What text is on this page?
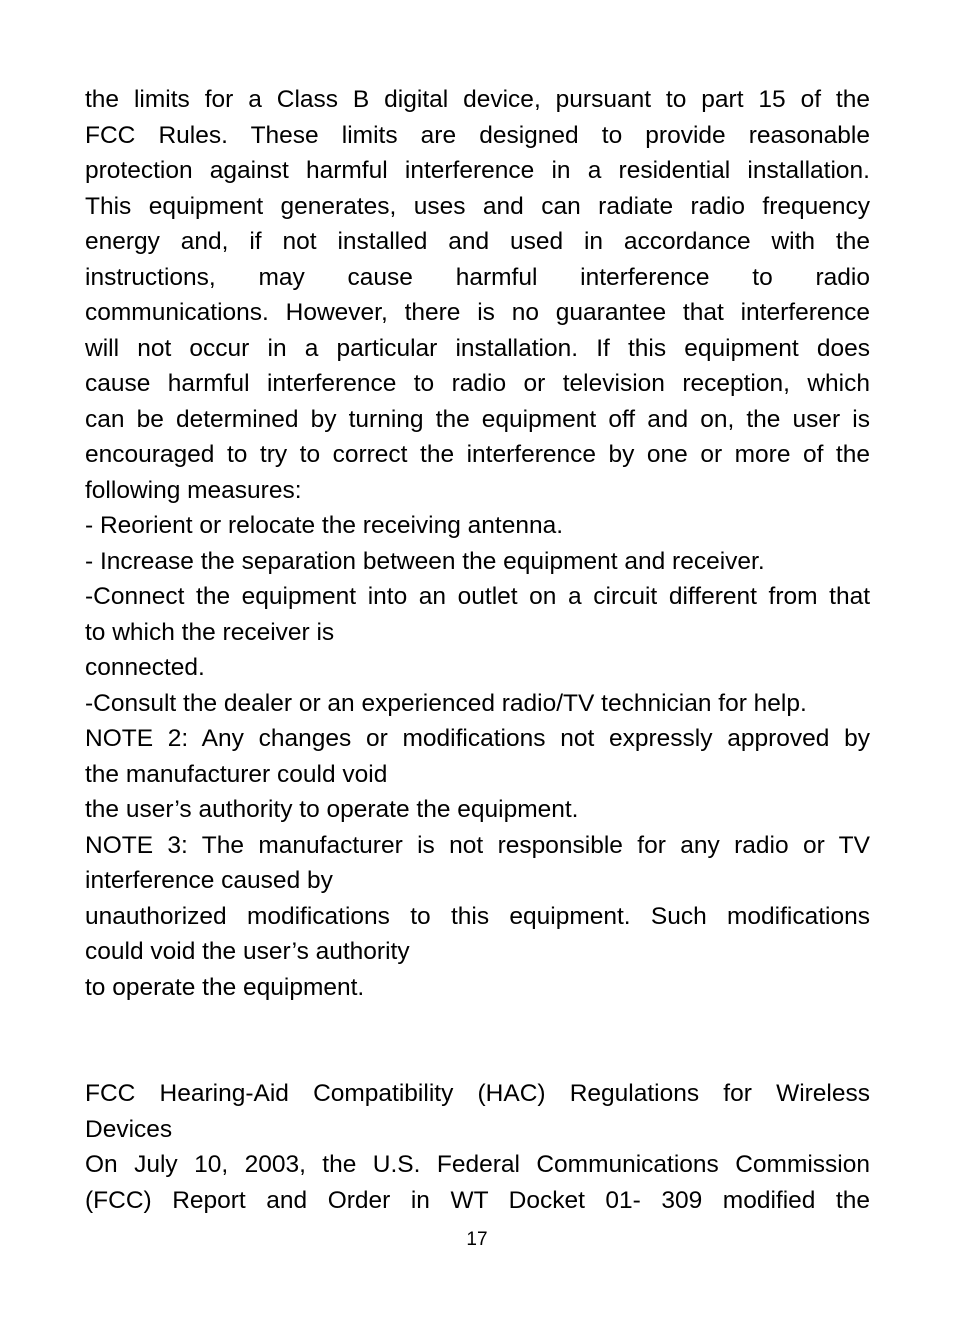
the limits for a Class B digital device, pursuant to part 15 of the
FCC Rules. These limits are designed to provide reasonable
protection against harmful interference in a residential installation.
This equipment generates, uses and can radiate radio frequency
energy and, if not installed and used in accordance with the
instructions, may cause harmful interference to radio
communications. However, there is no guarantee that interference
will not occur in a particular installation. If this equipment does
cause harmful interference to radio or television reception, which
can be determined by turning the equipment off and on, the user is
encouraged to try to correct the interference by one or more of the
following measures:
- Reorient or relocate the receiving antenna.
- Increase the separation between the equipment and receiver.
-Connect the equipment into an outlet on a circuit different from that
to which the receiver is
connected.
-Consult the dealer or an experienced radio/TV technician for help.
NOTE 2: Any changes or modifications not expressly approved by
the manufacturer could void
the user’s authority to operate the equipment.
NOTE 3: The manufacturer is not responsible for any radio or TV
interference caused by
unauthorized modifications to this equipment. Such modifications
could void the user’s authority
to operate the equipment.
FCC Hearing-Aid Compatibility (HAC) Regulations for Wireless
Devices
On July 10, 2003, the U.S. Federal Communications Commission
(FCC) Report and Order in WT Docket 01- 309 modified the
17
